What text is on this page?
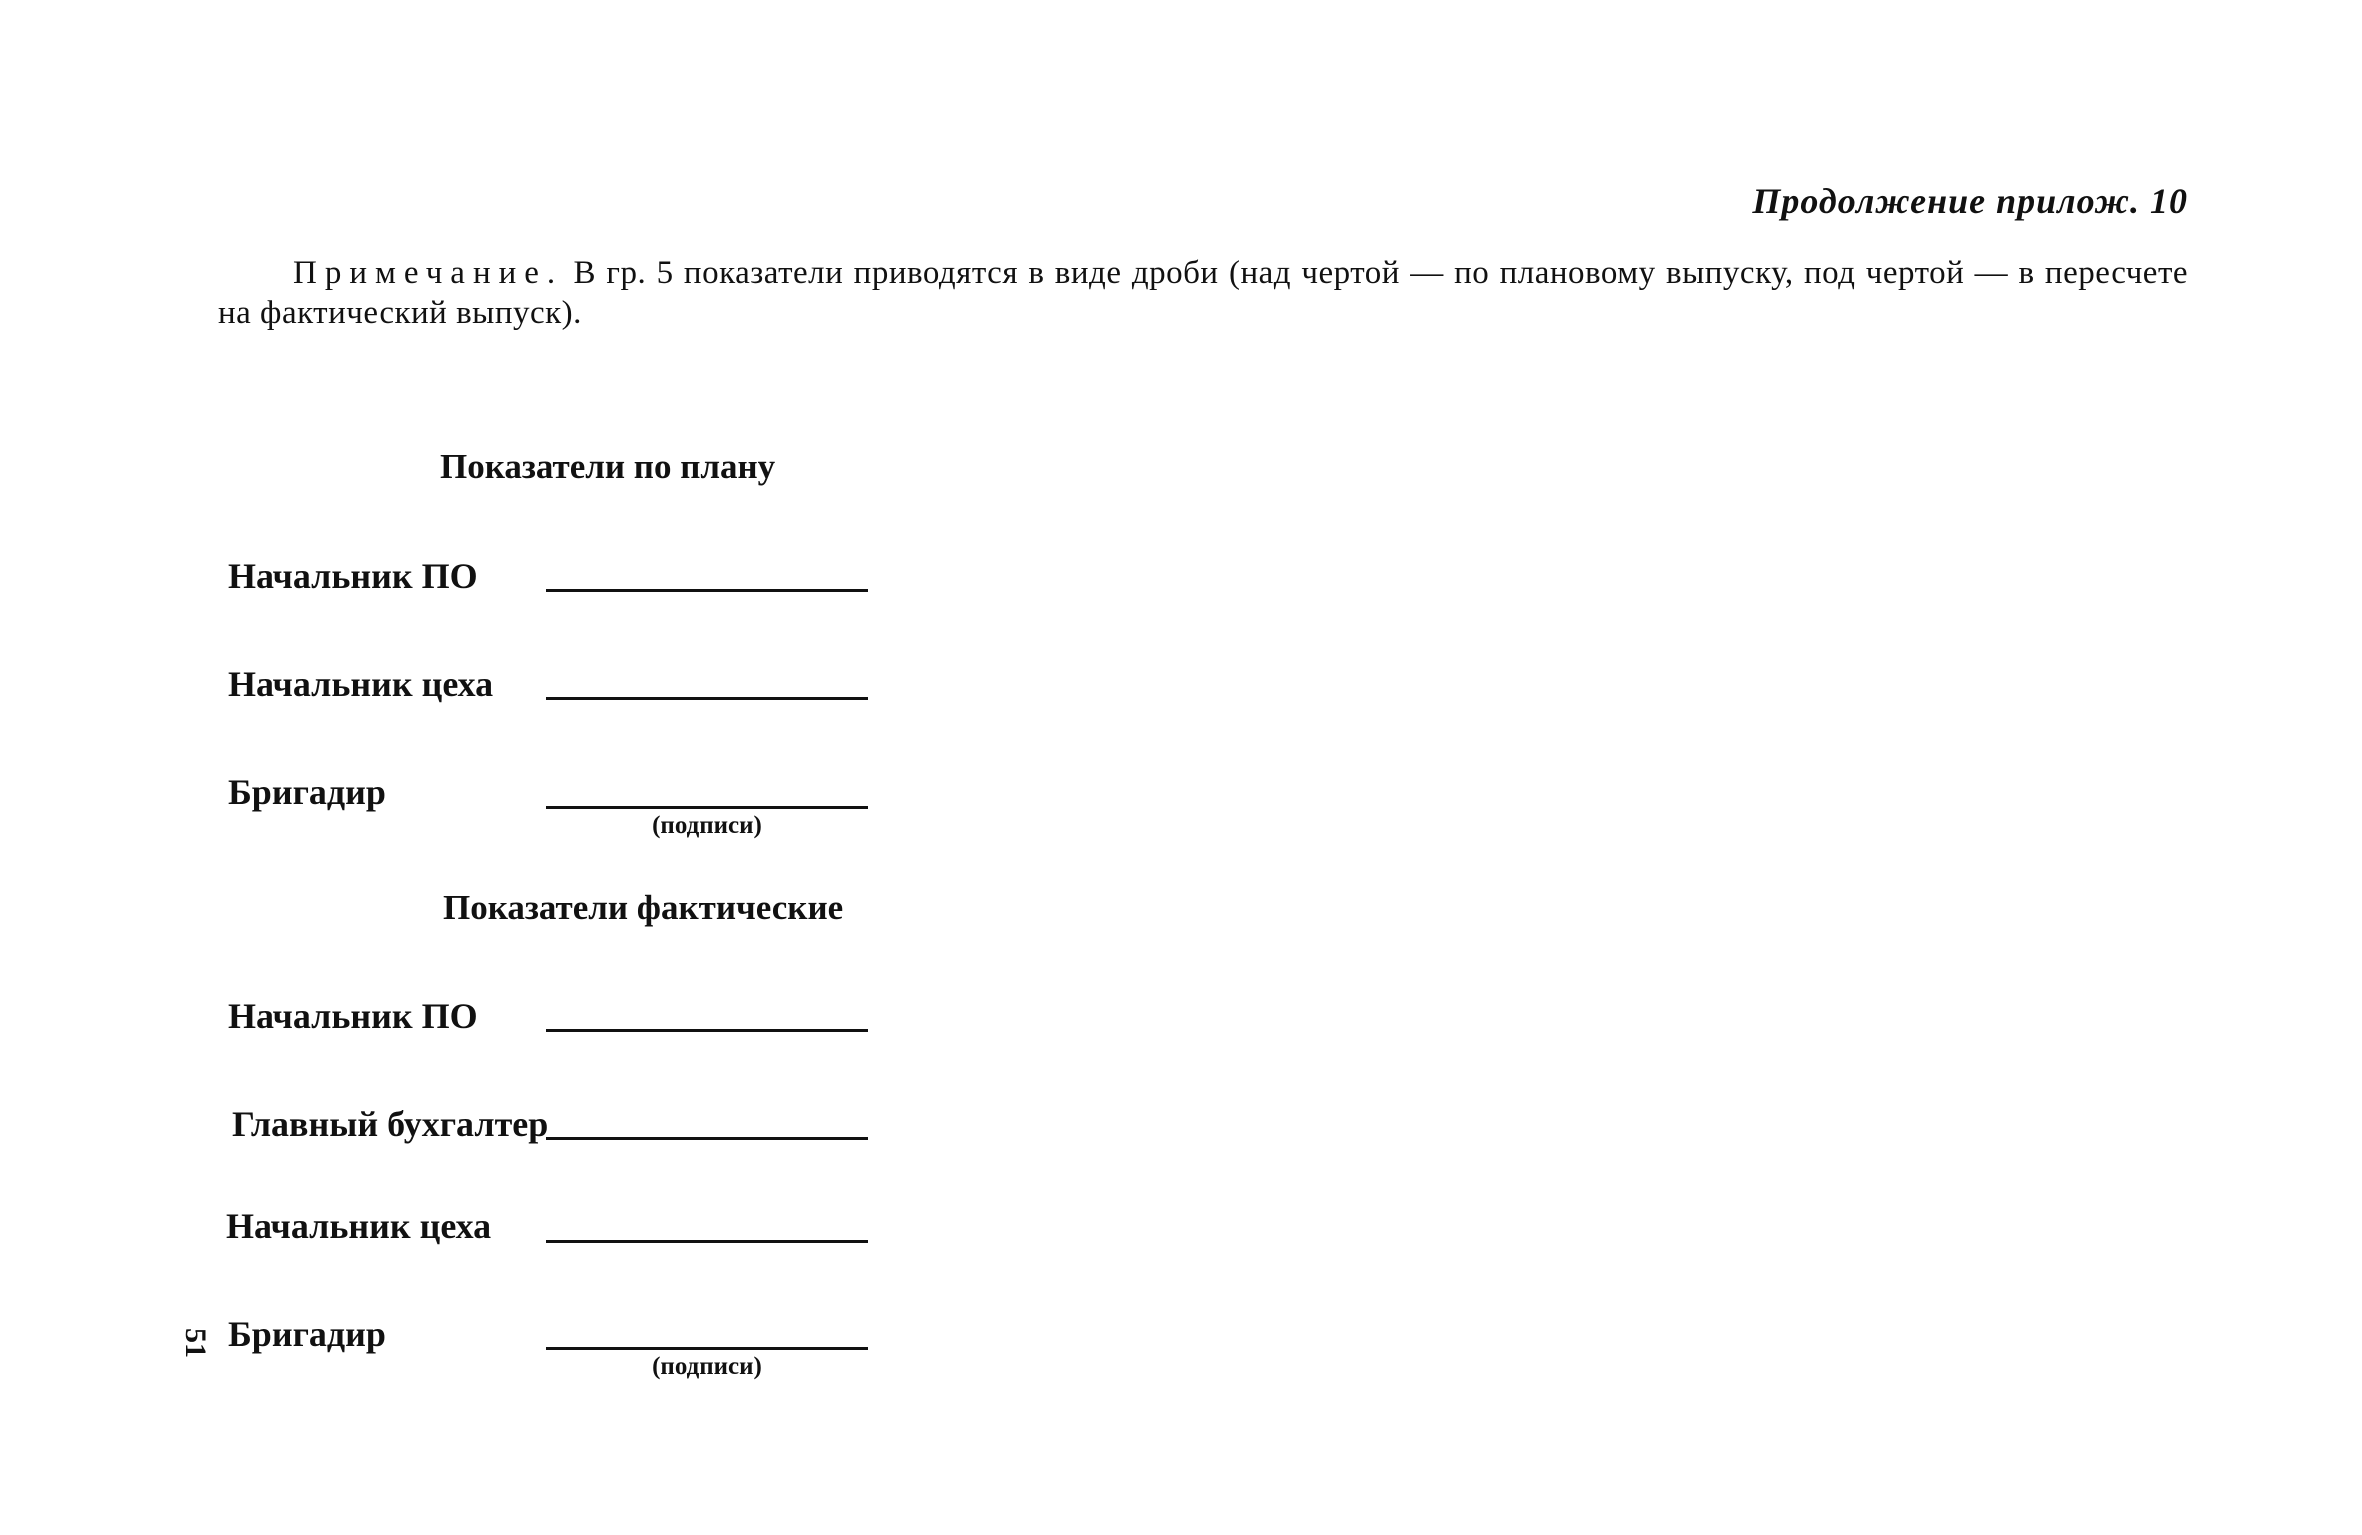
Продолжение прилож. 10
Примечание. В гр. 5 показатели приводятся в виде дроби (над чертой — по плановому выпуску, под чертой — в пересчете на фактический выпуск).
Показатели по плану
Начальник ПО
Начальник цеха
Бригадир
(подписи)
Показатели фактические
Начальник ПО
Главный бухгалтер
Начальник цеха
Бригадир
(подписи)
51
